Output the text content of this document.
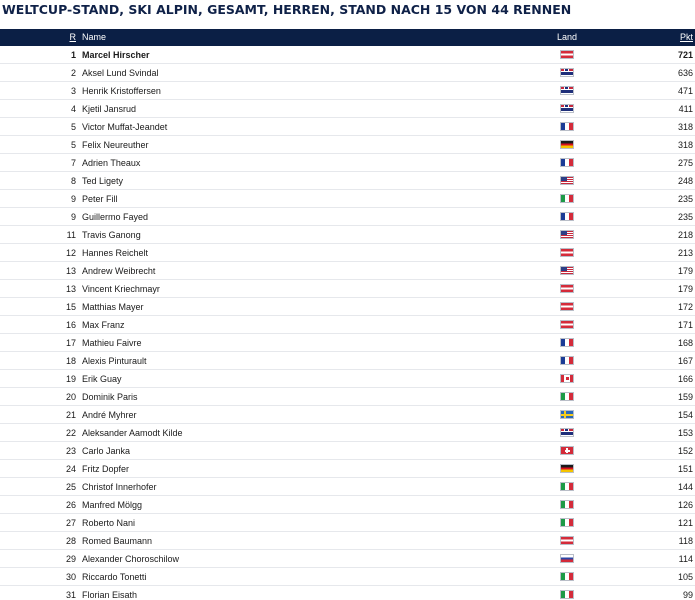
WELTCUP-STAND, SKI ALPIN, GESAMT, HERREN, STAND NACH 15 VON 44 RENNEN
R Name	Land	Pkt
1 Marcel Hirscher	721
2 Aksel Lund Svindal	636
3 Henrik Kristoffersen	471
4 Kjetil Jansrud	411
5 Victor Muffat-Jeandet	318
5 Felix Neureuther	318
7 Adrien Theaux	275
8 Ted Ligety	248
9 Peter Fill	235
9 Guillermo Fayed	235
11 Travis Ganong	218
12 Hannes Reichelt	213
13 Andrew Weibrecht	179
13 Vincent Kriechmayr	179
15 Matthias Mayer	172
16 Max Franz	171
17 Mathieu Faivre	168
18 Alexis Pinturault	167
19 Erik Guay	166
20 Dominik Paris	159
21 André Myhrer	154
22 Aleksander Aamodt Kilde	153
23 Carlo Janka	152
24 Fritz Dopfer	151
25 Christof Innerhofer	144
26 Manfred Mölgg	126
27 Roberto Nani	121
28 Romed Baumann	118
29 Alexander Choroschilow	114
30 Riccardo Tonetti	105
31 Florian Eisath	99
